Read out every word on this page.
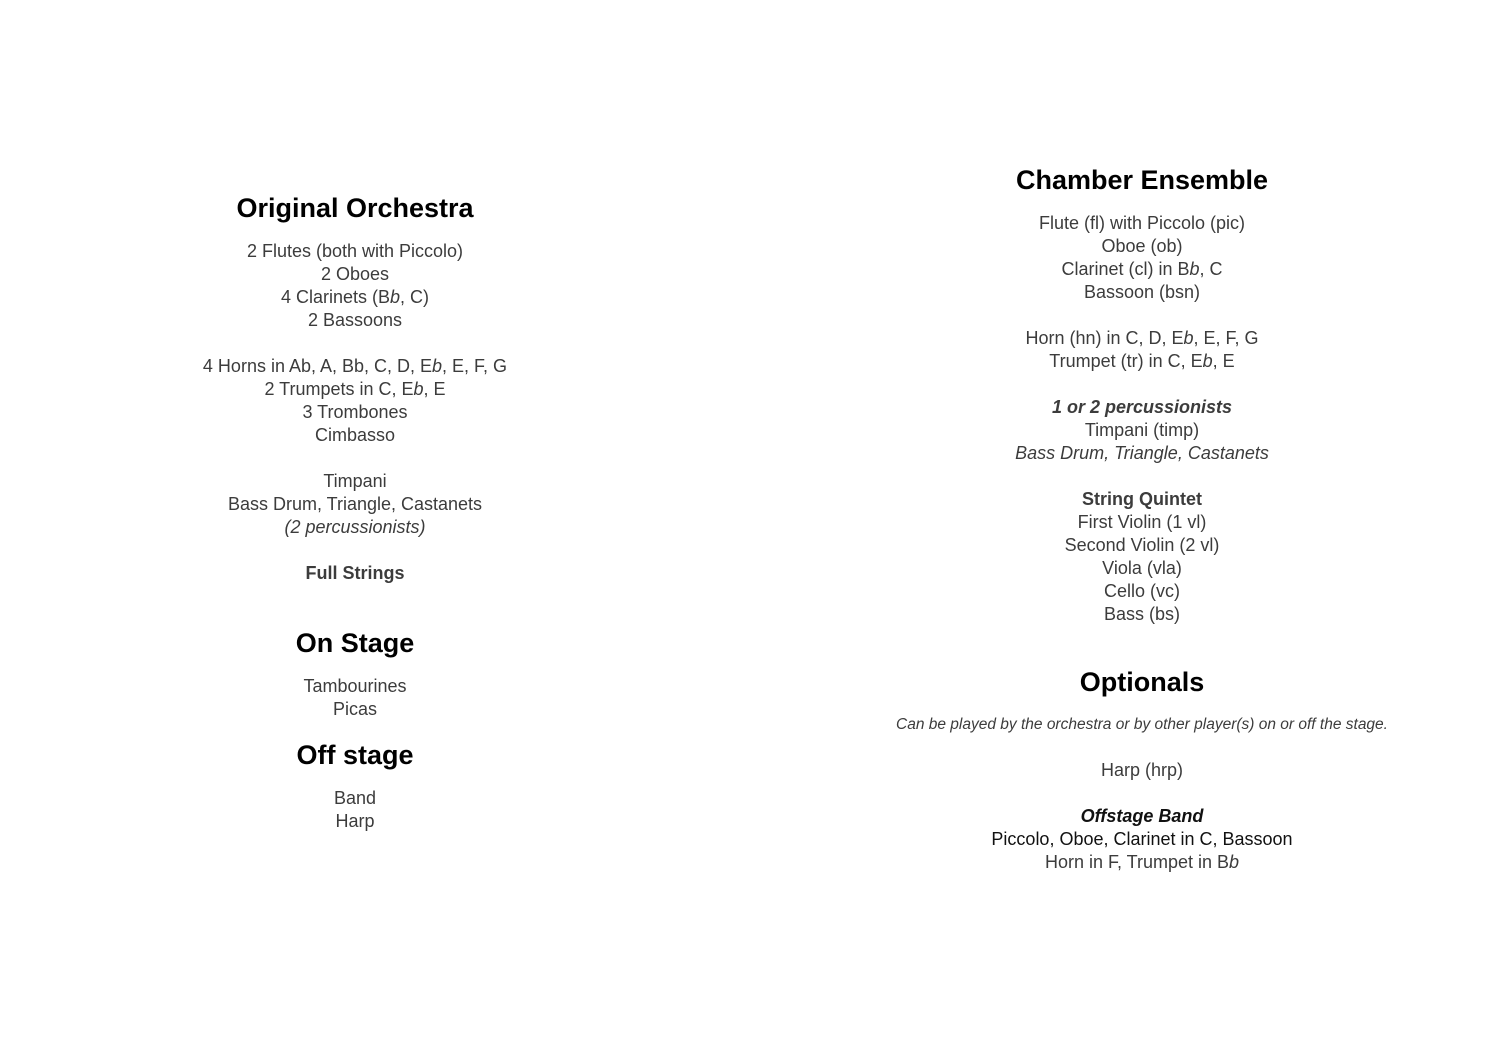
Original Orchestra
2 Flutes (both with Piccolo)
2 Oboes
4 Clarinets (Bb, C)
2 Bassoons
4 Horns in Ab, A, Bb, C, D, Eb, E, F, G
2 Trumpets in C, Eb, E
3 Trombones
Cimbasso
Timpani
Bass Drum, Triangle, Castanets
(2 percussionists)
Full Strings
On Stage
Tambourines
Picas
Off stage
Band
Harp
Chamber Ensemble
Flute (fl) with Piccolo (pic)
Oboe (ob)
Clarinet (cl) in Bb, C
Bassoon (bsn)
Horn (hn) in C, D, Eb, E, F, G
Trumpet (tr) in C, Eb, E
1 or 2 percussionists
Timpani (timp)
Bass Drum, Triangle, Castanets
String Quintet
First Violin (1 vl)
Second Violin (2 vl)
Viola (vla)
Cello (vc)
Bass (bs)
Optionals
Can be played by the orchestra or by other player(s) on or off the stage.
Harp (hrp)
Offstage Band
Piccolo, Oboe, Clarinet in C, Bassoon
Horn in F, Trumpet in Bb
